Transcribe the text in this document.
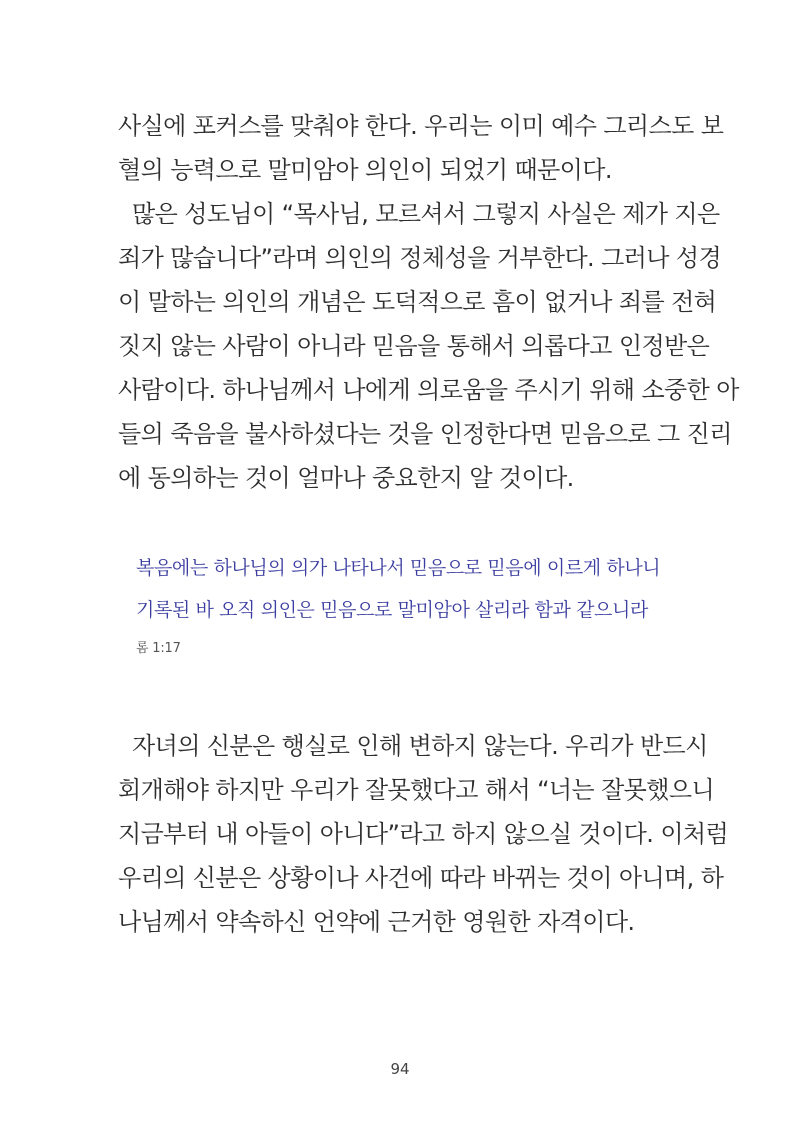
사실에 포커스를 맞춰야 한다. 우리는 이미 예수 그리스도 보
혈의 능력으로 말미암아 의인이 되었기 때문이다.
많은 성도님이 “목사님, 모르셔서 그렇지 사실은 제가 지은
죄가 많습니다”라며 의인의 정체성을 거부한다. 그러나 성경
이 말하는 의인의 개념은 도덕적으로 흠이 없거나 죄를 전혀
짓지 않는 사람이 아니라 믿음을 통해서 의롭다고 인정받은
사람이다. 하나님께서 나에게 의로움을 주시기 위해 소중한 아
들의 죽음을 불사하셨다는 것을 인정한다면 믿음으로 그 진리
에 동의하는 것이 얼마나 중요한지 알 것이다.
복음에는 하나님의 의가 나타나서 믿음으로 믿음에 이르게 하나니
기록된 바 오직 의인은 믿음으로 말미암아 살리라 함과 같으니라
롬 1:17
자녀의 신분은 행실로 인해 변하지 않는다. 우리가 반드시
회개해야 하지만 우리가 잘못했다고 해서 “너는 잘못했으니
지금부터 내 아들이 아니다”라고 하지 않으실 것이다. 이처럼
우리의 신분은 상황이나 사건에 따라 바뀌는 것이 아니며, 하
나님께서 약속하신 언약에 근거한 영원한 자격이다.
94
